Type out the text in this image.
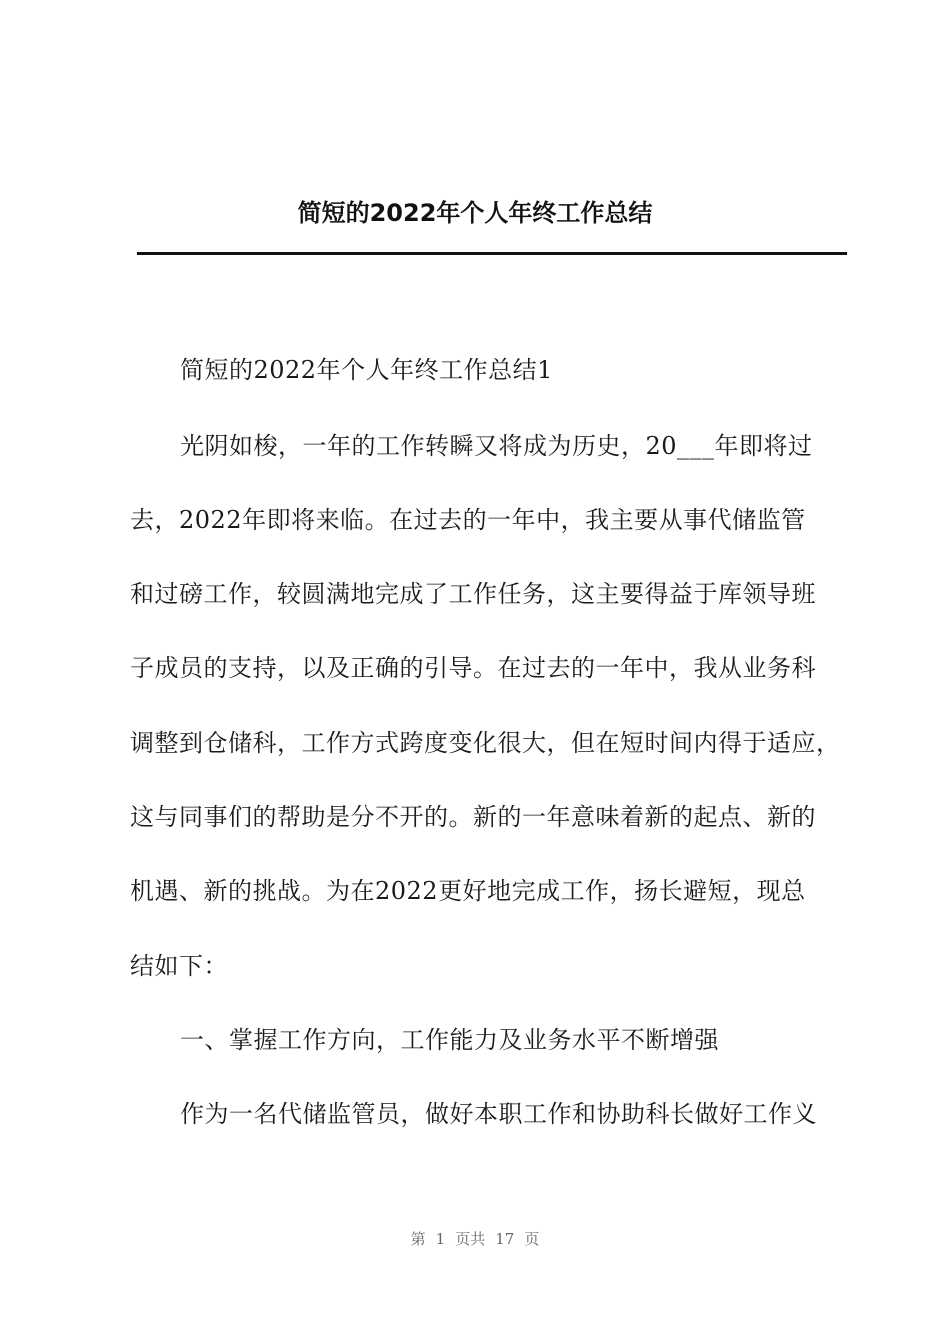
简短的2022年个人年终工作总结
简短的2022年个人年终工作总结1
光阴如梭，一年的工作转瞬又将成为历史，20___年即将过
去，2022年即将来临。在过去的一年中，我主要从事代储监管
和过磅工作，较圆满地完成了工作任务，这主要得益于库领导班
子成员的支持，以及正确的引导。在过去的一年中，我从业务科
调整到仓储科，工作方式跨度变化很大，但在短时间内得于适应，
这与同事们的帮助是分不开的。新的一年意味着新的起点、新的
机遇、新的挑战。为在2022更好地完成工作，扬长避短，现总
结如下：
一、掌握工作方向，工作能力及业务水平不断增强
作为一名代储监管员，做好本职工作和协助科长做好工作义
第 1 页共 17 页
